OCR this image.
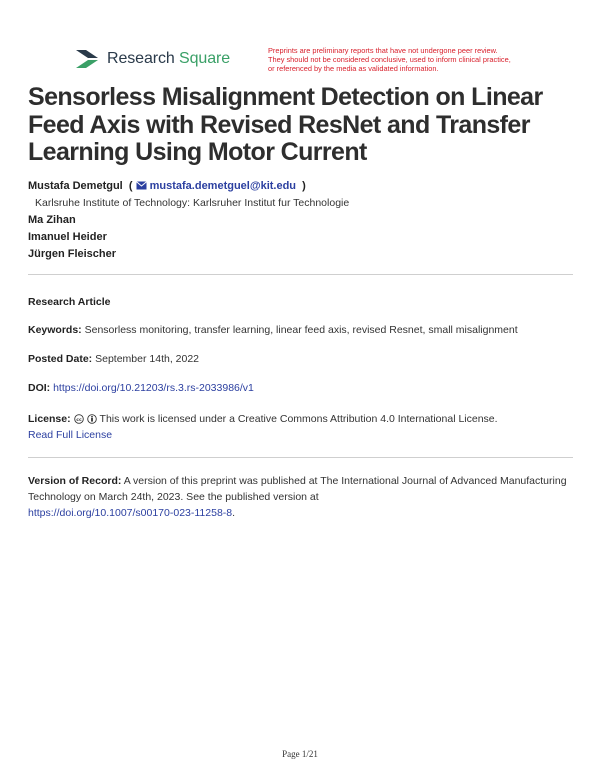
Research Square	Preprints are preliminary reports that have not undergone peer review.
They should not be considered conclusive, used to inform clinical practice,
or referenced by the media as validated information.
Sensorless Misalignment Detection on Linear Feed Axis with Revised ResNet and Transfer Learning Using Motor Current
Mustafa Demetgul  ( mustafa.demetguel@kit.edu  )
Karlsruhe Institute of Technology: Karlsruher Institut fur Technologie
Ma Zihan
Imanuel Heider
Jürgen Fleischer
Research Article
Keywords: Sensorless monitoring, transfer learning, linear feed axis, revised Resnet, small misalignment
Posted Date: September 14th, 2022
DOI: https://doi.org/10.21203/rs.3.rs-2033986/v1
License: cc This work is licensed under a Creative Commons Attribution 4.0 International License.
Read Full License
Version of Record: A version of this preprint was published at The International Journal of Advanced Manufacturing Technology on March 24th, 2023. See the published version at
https://doi.org/10.1007/s00170-023-11258-8.
Page 1/21
